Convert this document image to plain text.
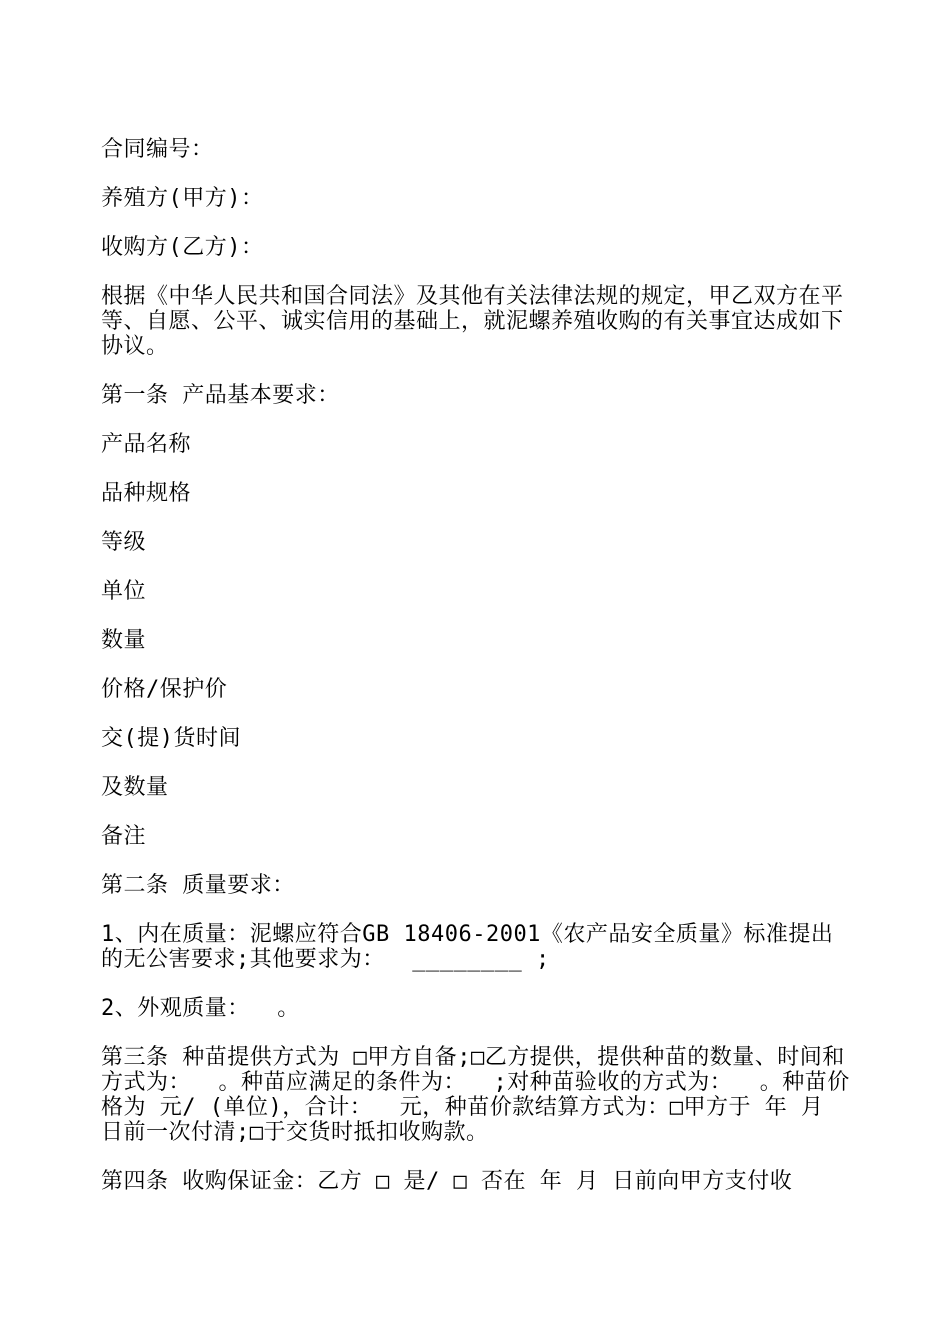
合同编号：

养殖方(甲方)：

收购方(乙方)：

根据《中华人民共和国合同法》及其他有关法律法规的规定，甲乙双方在平等、自愿、公平、诚实信用的基础上，就泥螺养殖收购的有关事宜达成如下协议。

第一条 产品基本要求：

产品名称

品种规格

等级

单位

数量

价格/保护价

交(提)货时间

及数量

备注

第二条 质量要求：

1、内在质量：泥螺应符合GB 18406-2001《农产品安全质量》标准提出的无公害要求;其他要求为：  ________ ;

2、外观质量：  。

第三条 种苗提供方式为 □甲方自备;□乙方提供，提供种苗的数量、时间和方式为：  。种苗应满足的条件为：  ;对种苗验收的方式为：  。种苗价格为 元/ (单位)，合计：  元，种苗价款结算方式为：□甲方于 年 月 日前一次付清;□于交货时抵扣收购款。

第四条 收购保证金：乙方 □ 是/ □ 否在 年 月 日前向甲方支付收
